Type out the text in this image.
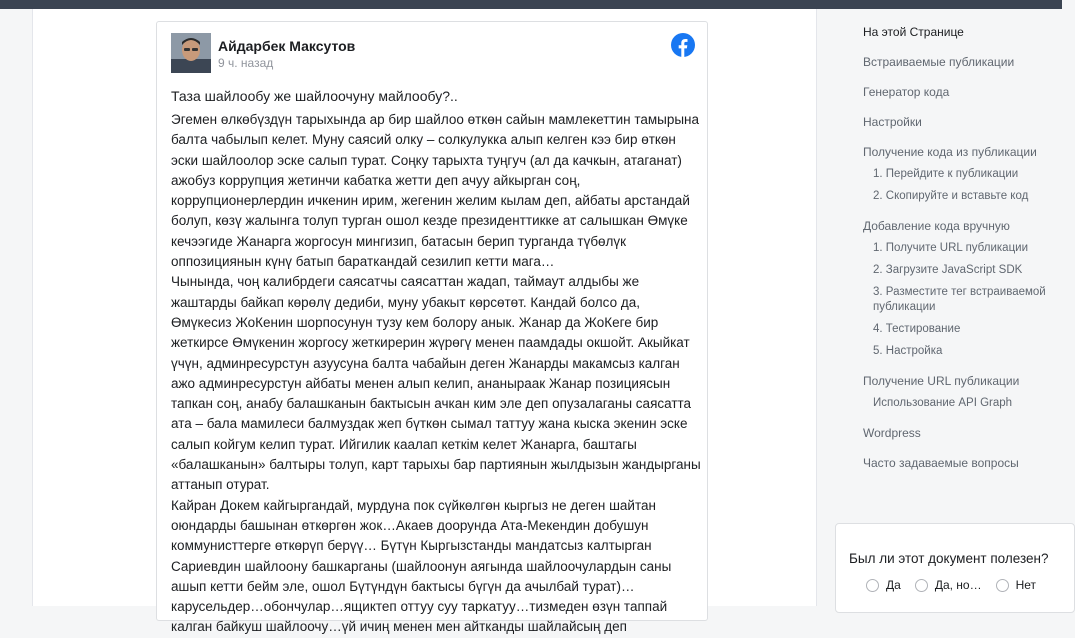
Айдарбек Максутов
9 ч. назад
Таза шайлообу же шайлоочуну майлообу?..
Эгемен өлкөбүздүн тарыхында ар бир шайлоо өткөн сайын мамлекеттин тамырына балта чабылып келет. Муну саясий олку – солкулукка алып келген кээ бир өткөн эски шайлоолор эске салып турат. Соңку тарыхта туңгуч (ал да качкын, атаганат) ажобуз коррупция жетинчи кабатка жетти деп ачуу айкырган соң, коррупционерлердин ичкенин ирим, жегенин желим кылам деп, айбаты арстандай болуп, көзү жалынга толуп турган ошол кезде президенттикке ат салышкан Өмүке кечээгиде Жанарга жоргосун мингизип, батасын берип турганда түбөлүк оппозициянын күнү батып бараткандай сезилип кетти мага…
Чынында, чоң калибрдеги саясатчы саясаттан жадап, таймаут алдыбы же жаштарды байкап көрөлү дедиби, муну убакыт көрсөтөт. Кандай болсо да, Өмүкесиз ЖоКенин шорпосунун тузу кем болору анык. Жанар да ЖоКеге бир жеткирсе Өмүкенин жоргосу жеткирерин жүрөгү менен пaамдады окшойт. Акыйкат үчүн, админресурстун азуусуна балта чабайын деген Жанарды макамсыз калган ажо админресурстун айбаты менен алып келип, ананыраак Жанар позициясын тапкан соң, анабу балашканын бактысын ачкан ким эле деп опузалаганы саясатта ата – бала мамилеси балмуздак жеп бүткөн сымал таттуу жана кыска экенин эске салып койгум келип турат. Ийгилик каалап кеткім келет Жанарга, баштагы «балашканын» балтыры толуп, карт тарыхы бар партиянын жылдызын жандырганы аттанып отурат.
Кайран Докем кайгыргандай, мурдуна пок сүйкөлгөн кыргыз не деген шайтан оюндарды башынан өткөргөн жок…Акаев доорунда Ата-Мекендин добушун коммунисттерге өткөрүп берүү… Бүтүн Кыргызстанды мандатсыз калтырган Сариевдин шайлоону башкарганы (шайлоонун аягында шайлоочулардын саны ашып кетти бейм эле, ошол Бүтүндүн бактысы бүгүн да ачылбай турат)… карусельдер…обончулар…ящиктеп оттуу суу таркатуу…тизмеден өзүн таппай калган байкуш шайлоочу…үй ичиң менен мен айтканды шайлайсың деп
На этой Странице
Встраиваемые публикации
Генератор кода
Настройки
Получение кода из публикации
1. Перейдите к публикации
2. Скопируйте и вставьте код
Добавление кода вручную
1. Получите URL публикации
2. Загрузите JavaScript SDK
3. Разместите тег встраиваемой публикации
4. Тестирование
5. Настройка
Получение URL публикации
Использование API Graph
Wordpress
Часто задаваемые вопросы
Был ли этот документ полезен?
Да	Да, но…	Нет
